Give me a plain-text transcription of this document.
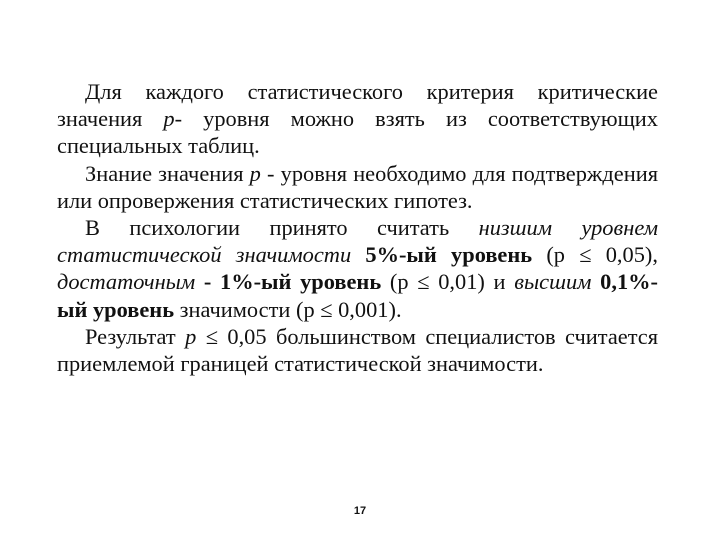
Для каждого статистического критерия критические значения р- уровня можно взять из соответствующих специальных таблиц.

Знание значения р - уровня необходимо для подтверждения или опровержения статистических гипотез.

В психологии принято считать низшим уровнем статистической значимости 5%-ый уровень (р ≤ 0,05), достаточным - 1%-ый уровень (р ≤ 0,01) и высшим 0,1%-ый уровень значимости (р ≤ 0,001).

Результат р ≤ 0,05 большинством специалистов считается приемлемой границей статистической значимости.

17
